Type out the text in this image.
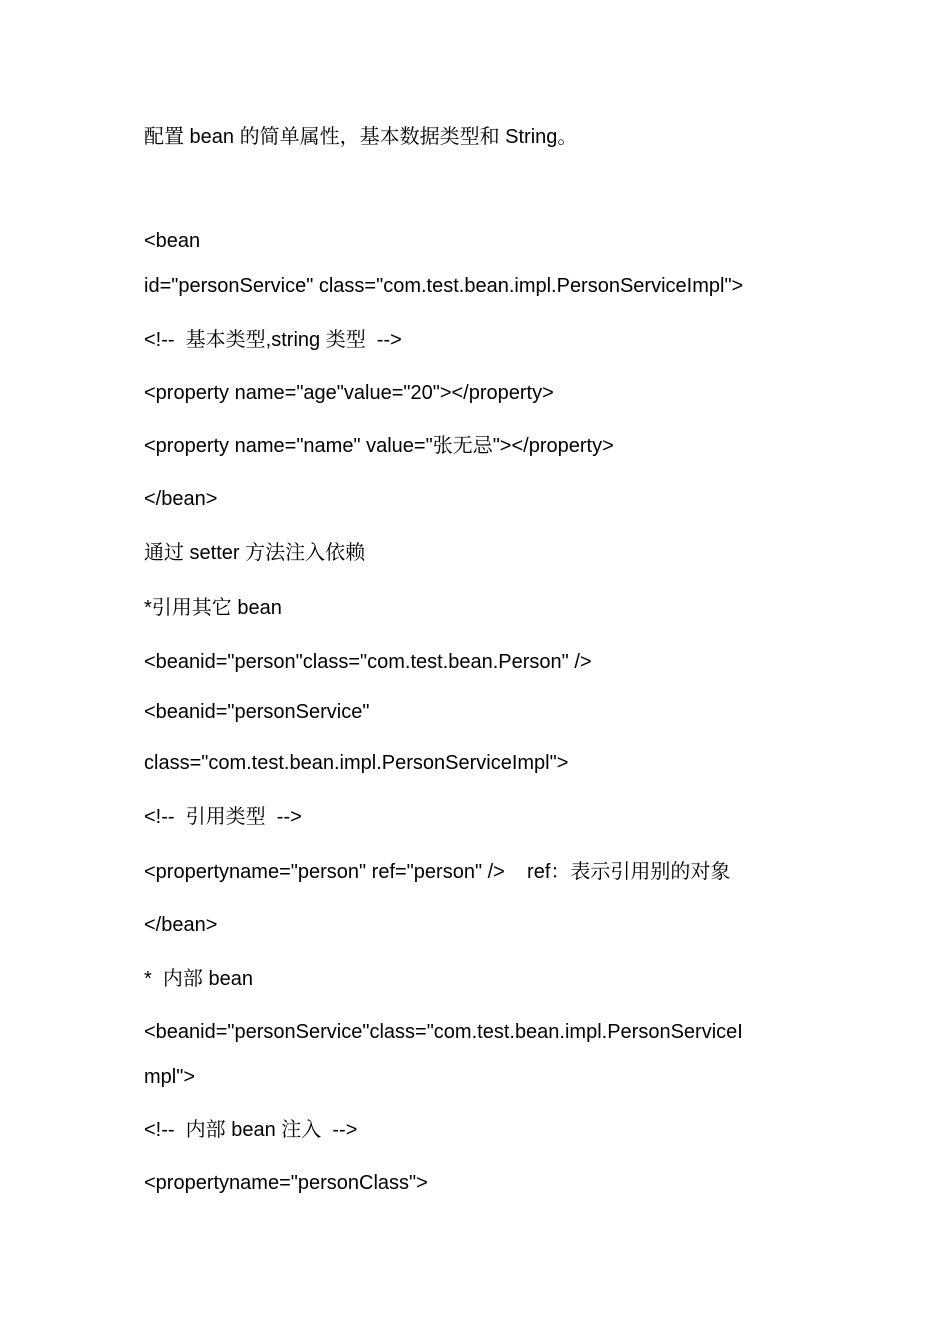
配置 bean 的简单属性，基本数据类型和 String。
<bean
id="personService" class="com.test.bean.impl.PersonServiceImpl">
<!--  基本类型,string 类型  -->
<property name="age"value="20"></property>
<property name="name" value="张无忌"></property>
</bean>
通过 setter 方法注入依赖
*引用其它 bean
<beanid="person"class="com.test.bean.Person" />
<beanid="personService"
class="com.test.bean.impl.PersonServiceImpl">
<!--  引用类型  -->
<propertyname="person" ref="person" />    ref：表示引用别的对象
</bean>
*  内部 bean
<beanid="personService"class="com.test.bean.impl.PersonServiceI
mpl">
<!--  内部 bean 注入  -->
<propertyname="personClass">
